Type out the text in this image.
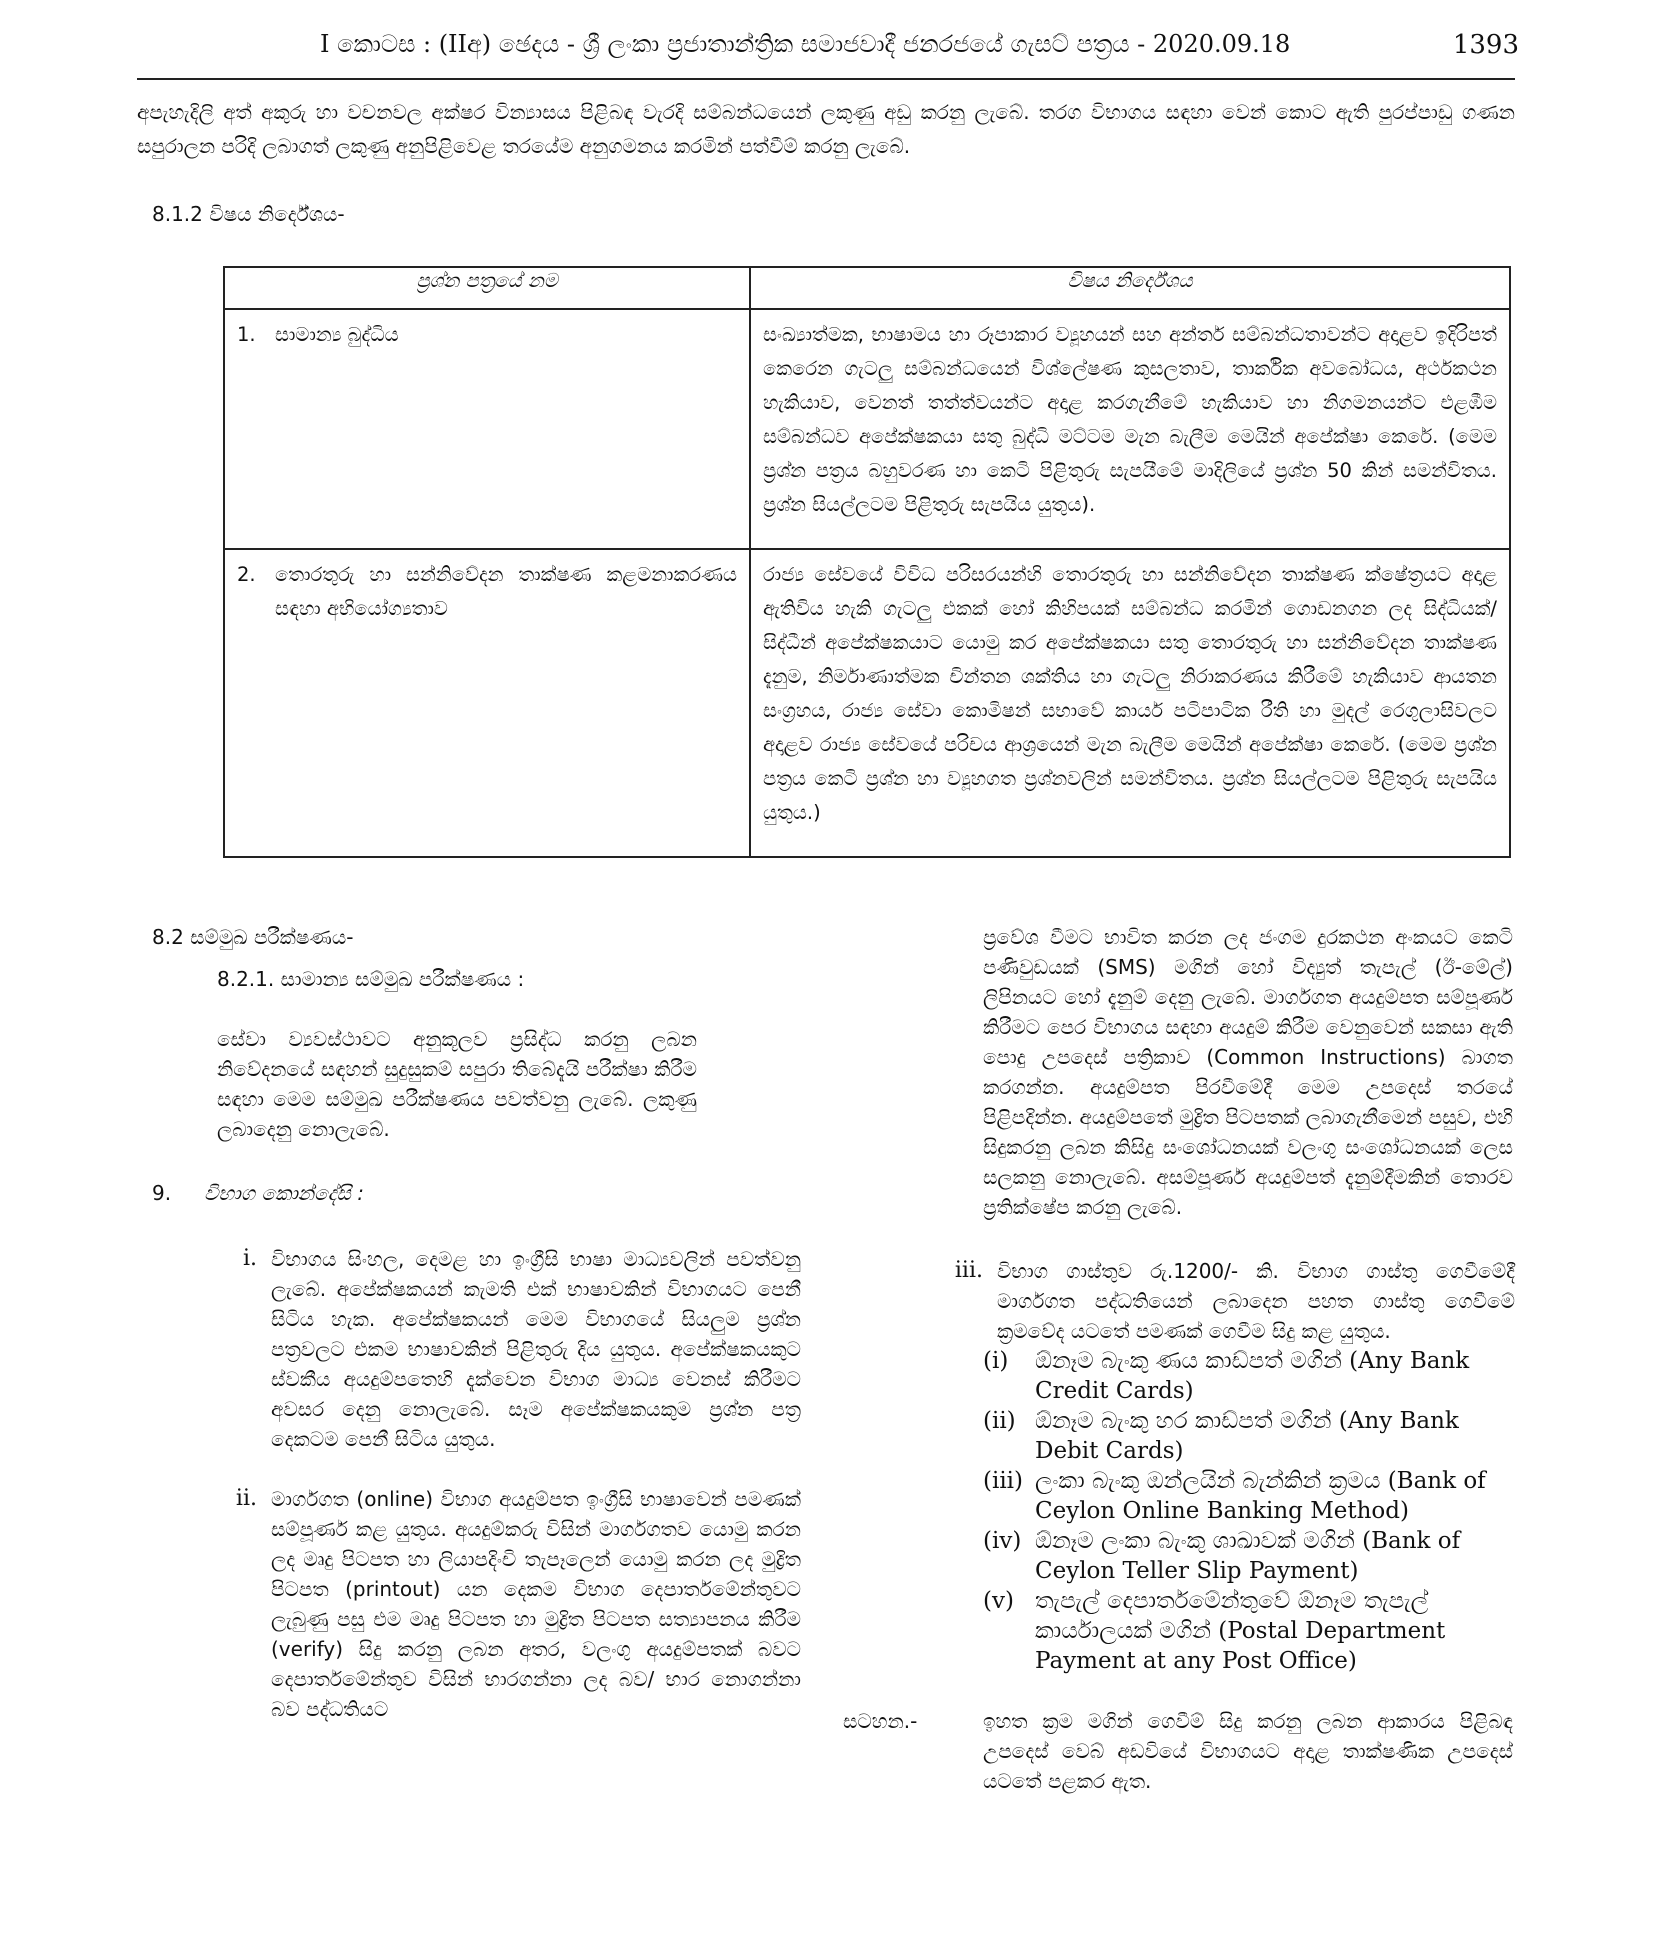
I කොටස : (IIඅ) ඡෙදය - ශ්‍රී ලංකා ප්‍රජාතාන්ත්‍රික සමාජවාදී ජනරජයේ ගැසට් පත්‍රය - 2020.09.18	1393
අපැහැදිලි අත් අකුරු හා වචනවල අක්ෂර වින්‍යාසය පිළිබඳ වැරදි සම්බන්ධයෙන් ලකුණු අඩු කරනු ලැබේ. තරග විභාගය සඳහා වෙන් කොට ඇති පුරප්පාඩු ගණන සපුරාලන පරිදි ලබාගත් ලකුණු අනුපිළිවෙළ තරයේම අනුගමනය කරමින් පත්වීම් කරනු ලැබේ.
8.1.2 විෂය නිර්දේශය-
ප්‍රශ්න පත්‍රයේ නම	විෂය නිර්දේශය

1. සාමාන්‍ය බුද්ධිය	සංඛ්‍යාත්මක, භාෂාමය හා රූපාකාර ව්‍යූහයන් සහ අන්තර් සම්බන්ධතාවන්ට අදාළව ඉදිරිපත් කෙරෙන ගැටලු සම්බන්ධයෙන් විශ්ලේෂණ කුසලතාව, තාර්කික අවබෝධය, අර්ථකථන හැකියාව, වෙනත් තත්ත්වයන්ට අදාළ කරගැනීමේ හැකියාව හා නිගමනයන්ට එළඹීම සම්බන්ධව අපේක්ෂකයා සතු බුද්ධි මට්ටම මැන බැලීම මෙයින් අපේක්ෂා කෙරේ. (මෙම ප්‍රශ්න පත්‍රය බහුවරණ හා කෙටි පිළිතුරු සැපයීමේ මාදිලියේ ප්‍රශ්න 50 කින් සමන්විතය. ප්‍රශ්න සියල්ලටම පිළිතුරු සැපයිය යුතුය).

2. තොරතුරු හා සන්නිවේදන තාක්ෂණ කළමනාකරණය සඳහා අභියෝග්‍යතාව	රාජ්‍ය සේවයේ විවිධ පරිසරයන්හි තොරතුරු හා සන්නිවේදන තාක්ෂණ ක්ෂේත්‍රයට අදාළ ඇතිවිය හැකි ගැටලු එකක් හෝ කිහිපයක් සම්බන්ධ කරමින් ගොඩනගන ලද සිද්ධියක්/ සිද්ධීන් අපේක්ෂකයාට යොමු කර අපේක්ෂකයා සතු තොරතුරු හා සන්නිවේදන තාක්ෂණ දැනුම, නිර්මාණාත්මක චින්තන ශක්තිය හා ගැටලු නිරාකරණය කිරීමේ හැකියාව ආයතන සංග්‍රහය, රාජ්‍ය සේවා කොමිෂන් සභාවේ කාර්ය පටිපාටික රීති හා මුදල් රෙගුලාසිවලට අදාළව රාජ්‍ය සේවයේ පරිචය ආශ්‍රයෙන් මැන බැලීම මෙයින් අපේක්ෂා කෙරේ. (මෙම ප්‍රශ්න පත්‍රය කෙටි ප්‍රශ්න හා ව්‍යූහගත ප්‍රශ්නවලින් සමන්විතය. ප්‍රශ්න සියල්ලටම පිළිතුරු සැපයිය යුතුය.)
8.2 සම්මුඛ පරීක්ෂණය-
8.2.1. සාමාන්‍ය සම්මුඛ පරීක්ෂණය :
සේවා ව්‍යවස්ථාවට අනුකූලව ප්‍රසිද්ධ කරනු ලබන නිවේදනයේ සඳහන් සුදුසුකම් සපුරා තිබේදැයි පරීක්ෂා කිරීම සඳහා මෙම සම්මුඛ පරීක්ෂණය පවත්වනු ලැබේ. ලකුණු ලබාදෙනු නොලැබේ.
9.	විභාග කොන්දේසි :
i. විභාගය සිංහල, දෙමළ හා ඉංග්‍රීසි භාෂා මාධ්‍යවලින් පවත්වනු ලැබේ. අපේක්ෂකයන් කැමති එක් භාෂාවකින් විභාගයට පෙනී සිටිය හැක. අපේක්ෂකයන් මෙම විභාගයේ සියලුම ප්‍රශ්න පත්‍රවලට එකම භාෂාවකින් පිළිතුරු දිය යුතුය. අපේක්ෂකයකුට ස්වකීය අයදුම්පතෙහි දැක්වෙන විභාග මාධ්‍ය වෙනස් කිරීමට අවසර දෙනු නොලැබේ. සෑම අපේක්ෂකයකුම ප්‍රශ්න පත්‍ර දෙකටම පෙනී සිටිය යුතුය.
ii. මාර්ගගත (online) විභාග අයදුම්පත ඉංග්‍රීසි භාෂාවෙන් පමණක් සම්පූර්ණ කළ යුතුය. අයදුම්කරු විසින් මාර්ගගතව යොමු කරන ලද මෘදු පිටපත හා ලියාපදිංචි තැපෑලෙන් යොමු කරන ලද මුද්‍රිත පිටපත (printout) යන දෙකම විභාග දෙපාර්තමේන්තුවට ලැබුණු පසු එම මෘදු පිටපත හා මුද්‍රිත පිටපත සත්‍යාපනය කිරීම (verify) සිදු කරනු ලබන අතර, වලංගු අයදුම්පතක් බවට දෙපාර්තමේන්තුව විසින් භාරගන්නා ලද බව/ භාර නොගන්නා බව පද්ධතියට
ප්‍රවේශ වීමට භාවිත කරන ලද ජංගම දුරකථන අංකයට කෙටි පණිවුඩයක් (SMS) මගින් හෝ විද්‍යුත් තැපැල් (ඊ-මේල්) ලිපිනයට හෝ දැනුම් දෙනු ලැබේ. මාර්ගගත අයදුම්පත සම්පූර්ණ කිරීමට පෙර විභාගය සඳහා අයදුම් කිරීම වෙනුවෙන් සකසා ඇති පොදු උපදෙස් පත්‍රිකාව (Common Instructions) බාගත කරගන්න. අයදුම්පත පිරවීමේදී මෙම උපදෙස් තරයේ පිළිපදින්න. අයදුම්පතේ මුද්‍රිත පිටපතක් ලබාගැනීමෙන් පසුව, එහි සිදුකරනු ලබන කිසිදු සංශෝධනයක් වලංගු සංශෝධනයක් ලෙස සලකනු නොලැබේ. අසම්පූර්ණ අයදුම්පත් දැනුම්දීමකින් තොරව ප්‍රතික්ෂේප කරනු ලැබේ.
iii. විභාග ගාස්තුව රු.1200/- කි. විභාග ගාස්තු ගෙවීමේදී මාර්ගගත පද්ධතියෙන් ලබාදෙන පහත ගාස්තු ගෙවීමේ ක්‍රමවේද යටතේ පමණක් ගෙවීම සිදු කළ යුතුය.
(i)	ඕනෑම බැංකු ණය කාඩ්පත් මගින් (Any Bank Credit Cards)
(ii) ඕනෑම බැංකු හර කාඩ්පත් මගින් (Any Bank Debit Cards)
(iii) ලංකා බැංකු ඔන්ලයින් බැන්කින් ක්‍රමය (Bank of Ceylon Online Banking Method)
(iv) ඕනෑම ලංකා බැංකු ශාඛාවක් මගින් (Bank of Ceylon Teller Slip Payment)
(v) තැපැල් දෙපාර්තමේන්තුවේ ඕනෑම තැපැල් කාර්යාලයක් මගින් (Postal Department Payment at any Post Office)
සටහන.-	ඉහත ක්‍රම මගින් ගෙවීම් සිදු කරනු ලබන ආකාරය පිළිබඳ උපදෙස් වෙබ් අඩවියේ විභාගයට අදාළ තාක්ෂණික උපදෙස් යටතේ පළකර ඇත.
